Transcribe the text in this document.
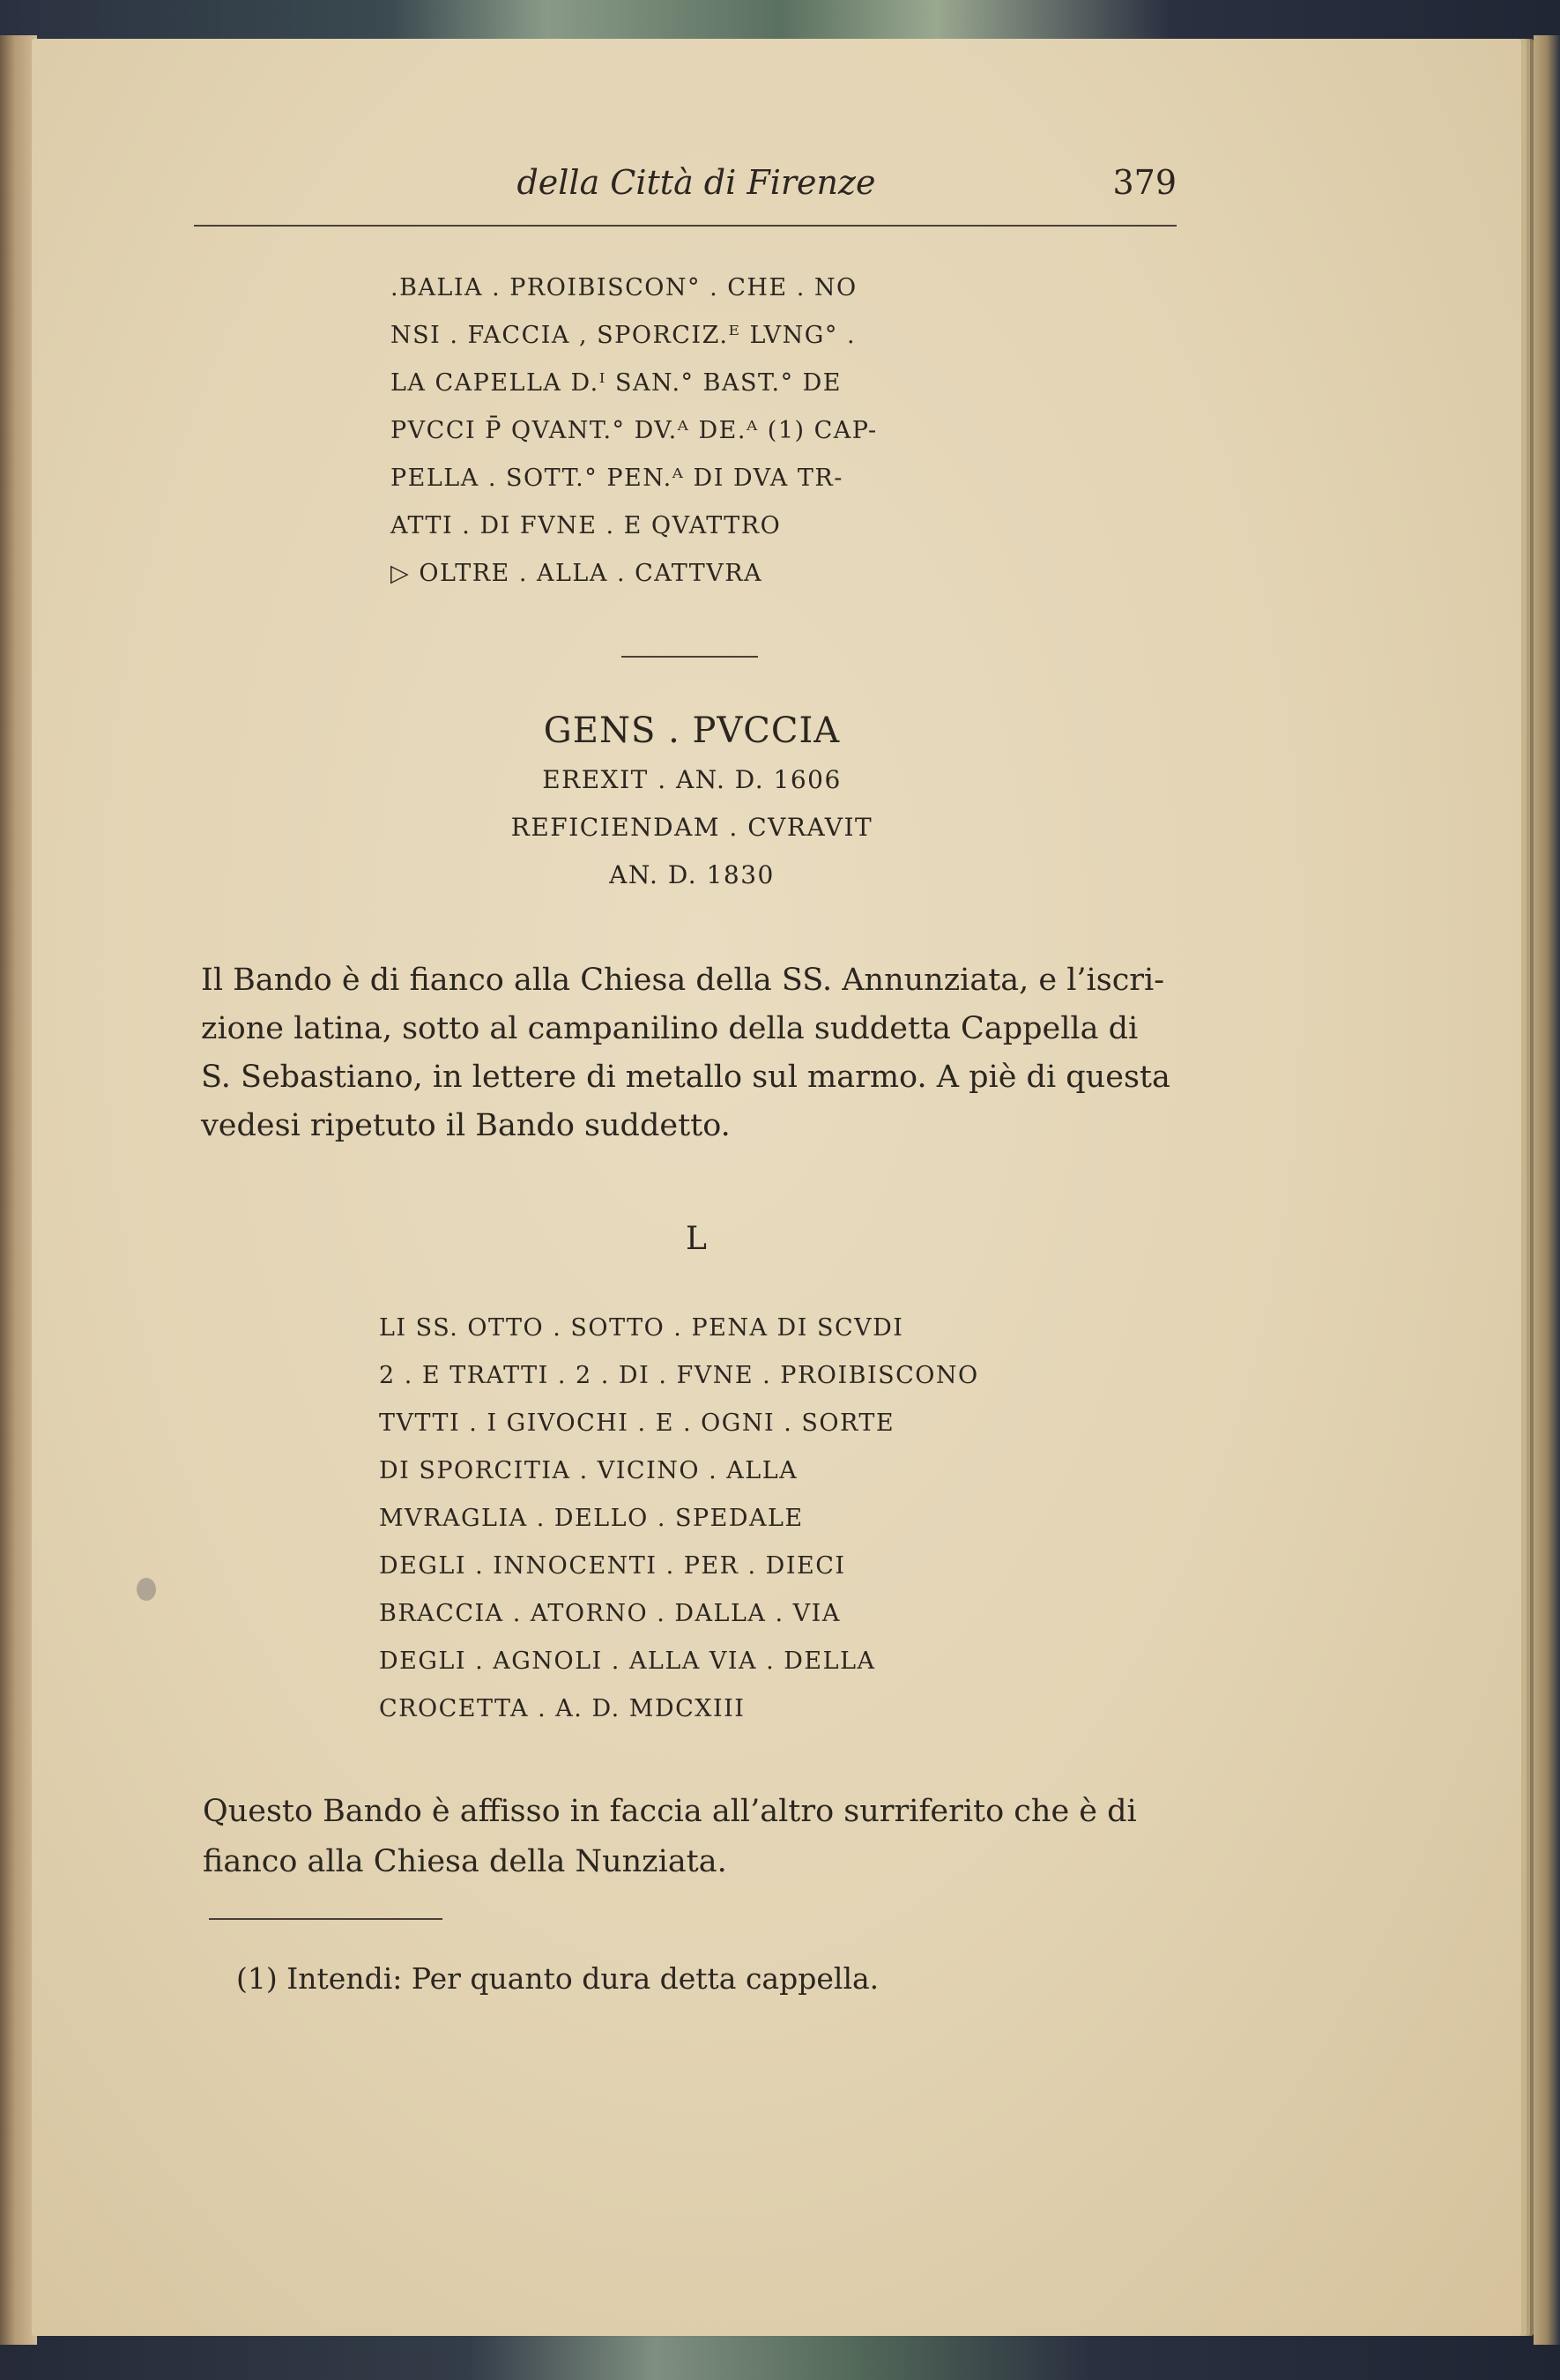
della Città di Firenze	379
.BALIA . PROIBISCON° . CHE . NO
NSI . FACCIA , SPORCIZ.ᴱ LVNG° .
LA CAPELLA D.ᴵ SAN.° BAST.° DE
PVCCI P̄ QVANT.° DV.ᴬ DE.ᴬ (1) CAP-
PELLA . SOTT.° PEN.ᴬ DI DVA TR-
ATTI . DI FVNE . E QVATTRO
▷ OLTRE . ALLA . CATTVRA
GENS . PVCCIA
EREXIT . AN. D. 1606
REFICIENDAM . CVRAVIT
AN. D. 1830
Il Bando è di fianco alla Chiesa della SS. Annunziata, e l’iscri-
zione latina, sotto al campanilino della suddetta Cappella di
S. Sebastiano, in lettere di metallo sul marmo. A piè di questa
vedesi ripetuto il Bando suddetto.
L
LI SS. OTTO . SOTTO . PENA DI SCVDI
2 . E TRATTI . 2 . DI . FVNE . PROIBISCONO
TVTTI . I GIVOCHI . E . OGNI . SORTE
DI SPORCITIA . VICINO . ALLA
MVRAGLIA . DELLO . SPEDALE
DEGLI . INNOCENTI . PER . DIECI
BRACCIA . ATORNO . DALLA . VIA
DEGLI . AGNOLI . ALLA VIA . DELLA
CROCETTA . A. D. MDCXIII
Questo Bando è affisso in faccia all’altro surriferito che è di
fianco alla Chiesa della Nunziata.
(1) Intendi: Per quanto dura detta cappella.
